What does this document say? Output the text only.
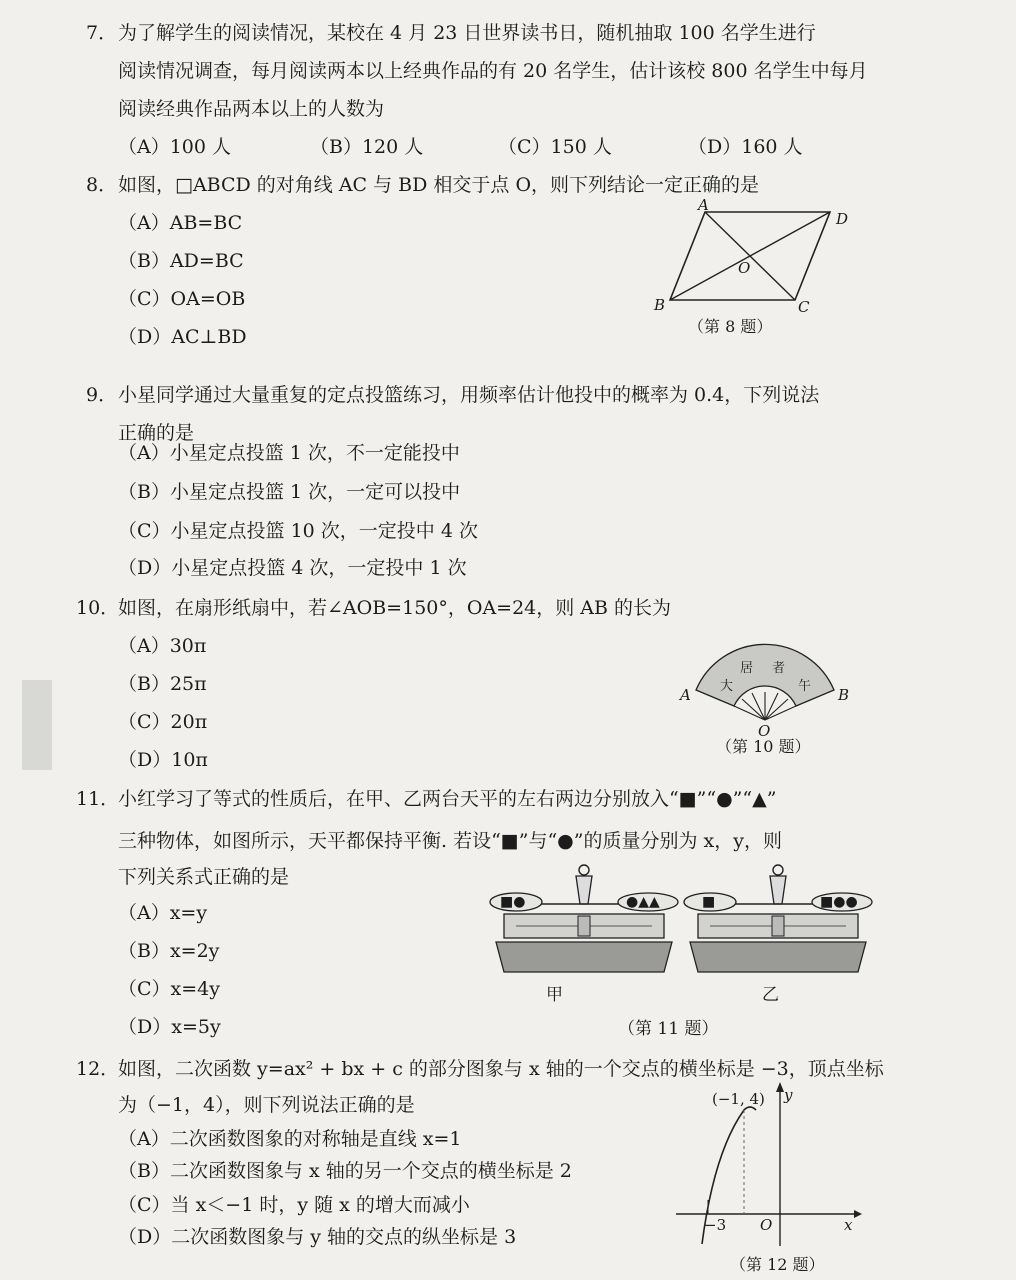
7． 为了解学生的阅读情况，某校在 4 月 23 日世界读书日，随机抽取 100 名学生进行
阅读情况调查，每月阅读两本以上经典作品的有 20 名学生，估计该校 800 名学生中每月
阅读经典作品两本以上的人数为
（A）100 人	（B）120 人	（C）150 人	（D）160 人
8． 如图，□ABCD 的对角线 AC 与 BD 相交于点 O，则下列结论一定正确的是
（A）AB=BC
（B）AD=BC
（C）OA=OB
（D）AC⊥BD
A
D
O
B	C
（第 8 题）
9． 小星同学通过大量重复的定点投篮练习，用频率估计他投中的概率为 0.4，下列说法
正确的是
（A）小星定点投篮 1 次，不一定能投中
（B）小星定点投篮 1 次，一定可以投中
（C）小星定点投篮 10 次，一定投中 4 次
（D）小星定点投篮 4 次，一定投中 1 次
10．
如图，在扇形纸扇中，若∠AOB=150°，OA=24，则 AB 的长为
（A）30π
（B）25π
（C）20π
（D）10π
大
居 者
午
A	B
O
（第 10 题）
11．
小红学习了等式的性质后，在甲、乙两台天平的左右两边分别放入“■”“●”“▲”
三种物体，如图所示，天平都保持平衡. 若设“■”与“●”的质量分别为 x，y，则
下列关系式正确的是
（A）x=y
（B）x=2y
（C）x=4y
（D）x=5y
■●	●▲▲
甲
■	■●●
乙
（第 11 题）
12．
如图，二次函数 y=ax² + bx + c 的部分图象与 x 轴的一个交点的横坐标是 −3，顶点坐标
为（−1，4），则下列说法正确的是
（A）二次函数图象的对称轴是直线 x=1
（B）二次函数图象与 x 轴的另一个交点的横坐标是 2
（C）当 x＜−1 时，y 随 x 的增大而减小
（D）二次函数图象与 y 轴的交点的纵坐标是 3
(−1, 4) y
x
−3 O
（第 12 题）
